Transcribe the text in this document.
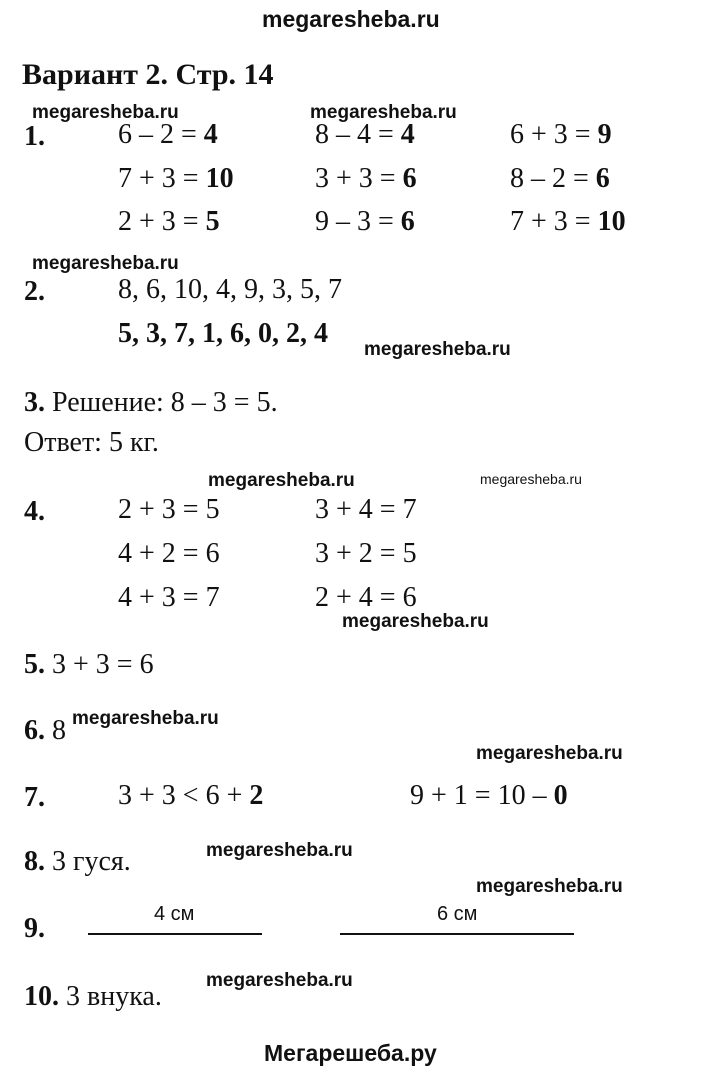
megaresheba.ru
Вариант 2. Стр. 14
megaresheba.ru	megaresheba.ru
1.	6 – 2 = 4	8 – 4 = 4	6 + 3 = 9
7 + 3 = 10	3 + 3 = 6	8 – 2 = 6
2 + 3 = 5	9 – 3 = 6	7 + 3 = 10
megaresheba.ru
2.	8, 6, 10, 4, 9, 3, 5, 7
5, 3, 7, 1, 6, 0, 2, 4
megaresheba.ru
3. Решение: 8 – 3 = 5.
Ответ: 5 кг.
megaresheba.ru	megaresheba.ru
4.	2 + 3 = 5	3 + 4 = 7
4 + 2 = 6	3 + 2 = 5
4 + 3 = 7	2 + 4 = 6
megaresheba.ru
5. 3 + 3 = 6
6. 8 megaresheba.ru
megaresheba.ru
7.	3 + 3 < 6 + 2	9 + 1 = 10 – 0
megaresheba.ru
8. 3 гуся.
megaresheba.ru
9.	4 см	6 см
megaresheba.ru
10. 3 внука.
Мегарешеба.ру
